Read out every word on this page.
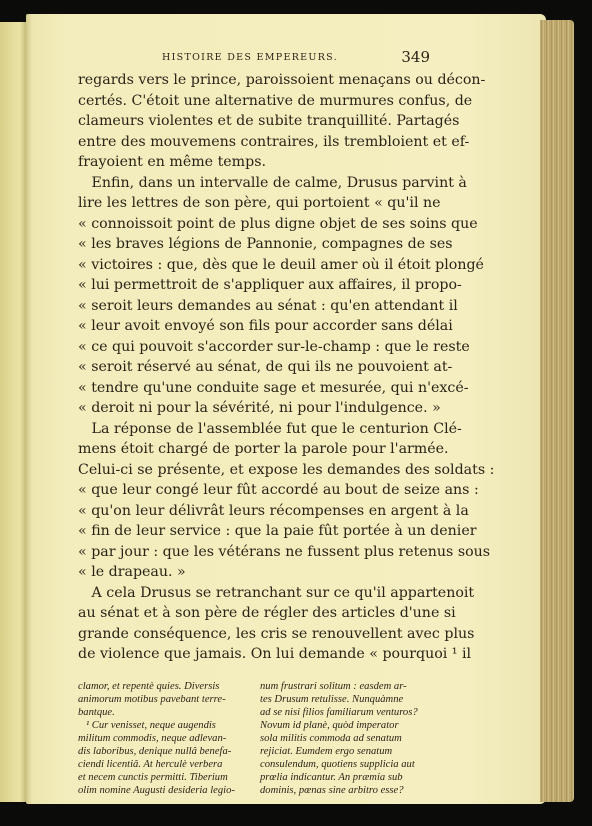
HISTOIRE DES EMPEREURS.	349

regards vers le prince, paroissoient menaçans ou décon-

certés. C'étoit une alternative de murmures confus, de

clameurs violentes et de subite tranquillité. Partagés

entre des mouvemens contraires, ils trembloient et ef-

frayoient en même temps.

Enfin, dans un intervalle de calme, Drusus parvint à

lire les lettres de son père, qui portoient « qu'il ne

« connoissoit point de plus digne objet de ses soins que

« les braves légions de Pannonie, compagnes de ses

« victoires : que, dès que le deuil amer où il étoit plongé

« lui permettroit de s'appliquer aux affaires, il propo-

« seroit leurs demandes au sénat : qu'en attendant il

« leur avoit envoyé son fils pour accorder sans délai

« ce qui pouvoit s'accorder sur-le-champ : que le reste

« seroit réservé au sénat, de qui ils ne pouvoient at-

« tendre qu'une conduite sage et mesurée, qui n'excé-

« deroit ni pour la sévérité, ni pour l'indulgence. »

La réponse de l'assemblée fut que le centurion Clé-

mens étoit chargé de porter la parole pour l'armée.

Celui-ci se présente, et expose les demandes des soldats :

« que leur congé leur fût accordé au bout de seize ans :

« qu'on leur délivrât leurs récompenses en argent à la

« fin de leur service : que la paie fût portée à un denier

« par jour : que les vétérans ne fussent plus retenus sous

« le drapeau. »

A cela Drusus se retranchant sur ce qu'il appartenoit

au sénat et à son père de régler des articles d'une si

grande conséquence, les cris se renouvellent avec plus

de violence que jamais. On lui demande « pourquoi ¹ il

clamor, et repentè quies. Diversis

animorum motibus pavebant terre-

bantque.

¹ Cur venisset, neque augendis

militum commodis, neque adlevan-

dis laboribus, denique nullâ benefa-

ciendi licentiâ. At herculè verbera

et necem cunctis permitti. Tiberium

olim nomine Augusti desideria legio-

num frustrari solitum : easdem ar-

tes Drusum retulisse. Nunquàmne

ad se nisi filios familiarum venturos?

Novum id planè, quòd imperator

sola militis commoda ad senatum

rejiciat. Eumdem ergo senatum

consulendum, quotiens supplicia aut

prœlia indicantur. An præmia sub

dominis, pœnas sine arbitro esse?
